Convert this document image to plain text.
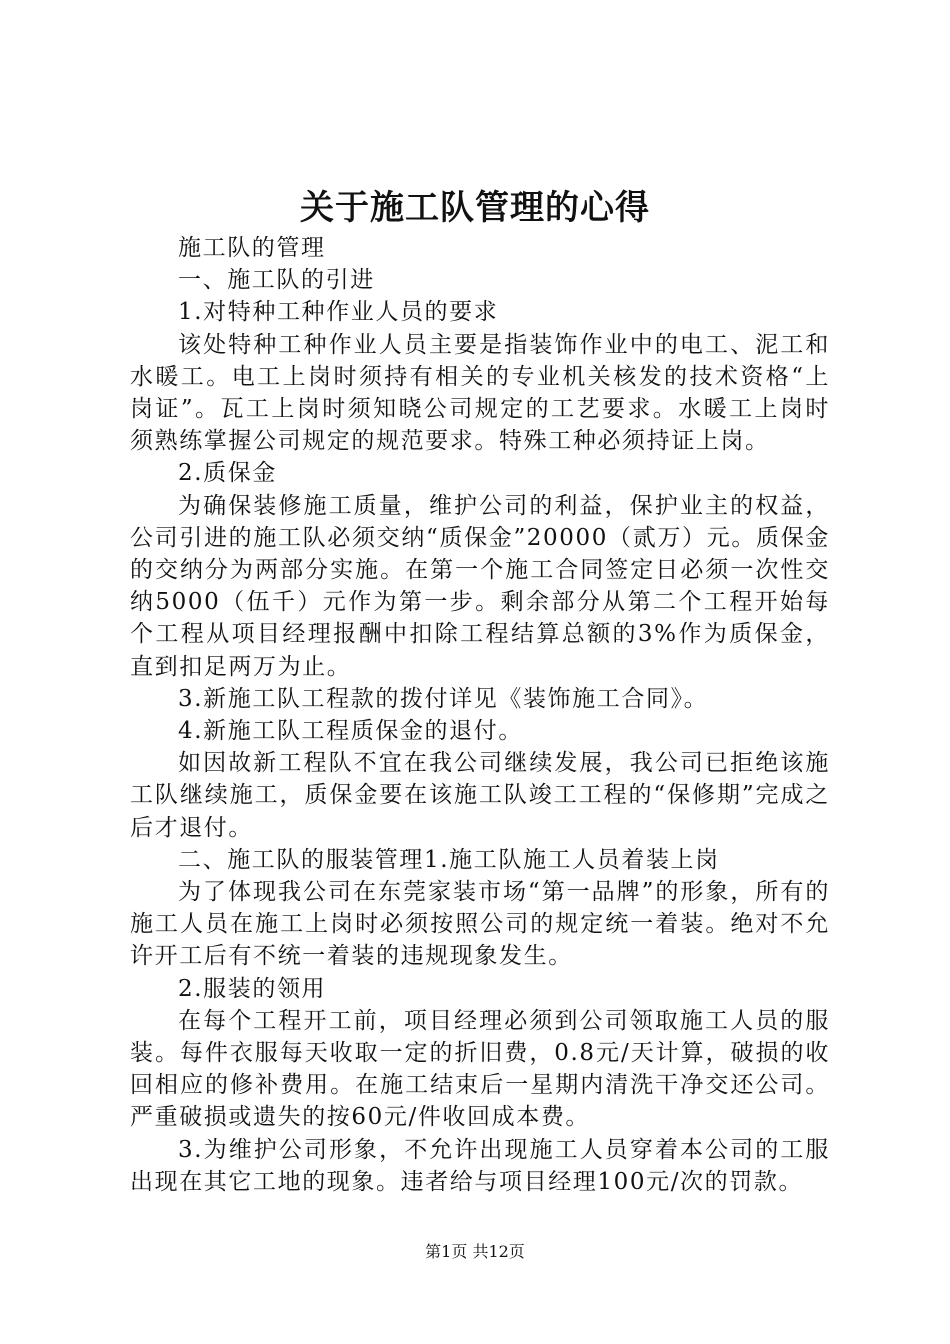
关于施工队管理的心得

施工队的管理

一、施工队的引进

1.对特种工种作业人员的要求

该处特种工种作业人员主要是指装饰作业中的电工、泥工和水暖工。电工上岗时须持有相关的专业机关核发的技术资格“上岗证”。瓦工上岗时须知晓公司规定的工艺要求。水暖工上岗时须熟练掌握公司规定的规范要求。特殊工种必须持证上岗。

2.质保金

为确保装修施工质量，维护公司的利益，保护业主的权益，公司引进的施工队必须交纳“质保金”20000（贰万）元。质保金的交纳分为两部分实施。在第一个施工合同签定日必须一次性交纳5000（伍千）元作为第一步。剩余部分从第二个工程开始每个工程从项目经理报酬中扣除工程结算总额的3%作为质保金，直到扣足两万为止。

3.新施工队工程款的拨付详见《装饰施工合同》。

4.新施工队工程质保金的退付。

如因故新工程队不宜在我公司继续发展，我公司已拒绝该施工队继续施工，质保金要在该施工队竣工工程的“保修期”完成之后才退付。

二、施工队的服装管理1.施工队施工人员着装上岗

为了体现我公司在东莞家装市场“第一品牌”的形象，所有的施工人员在施工上岗时必须按照公司的规定统一着装。绝对不允许开工后有不统一着装的违规现象发生。

2.服装的领用

在每个工程开工前，项目经理必须到公司领取施工人员的服装。每件衣服每天收取一定的折旧费，0.8元/天计算，破损的收回相应的修补费用。在施工结束后一星期内清洗干净交还公司。严重破损或遗失的按60元/件收回成本费。

3.为维护公司形象，不允许出现施工人员穿着本公司的工服出现在其它工地的现象。违者给与项目经理100元/次的罚款。

第1页 共12页
